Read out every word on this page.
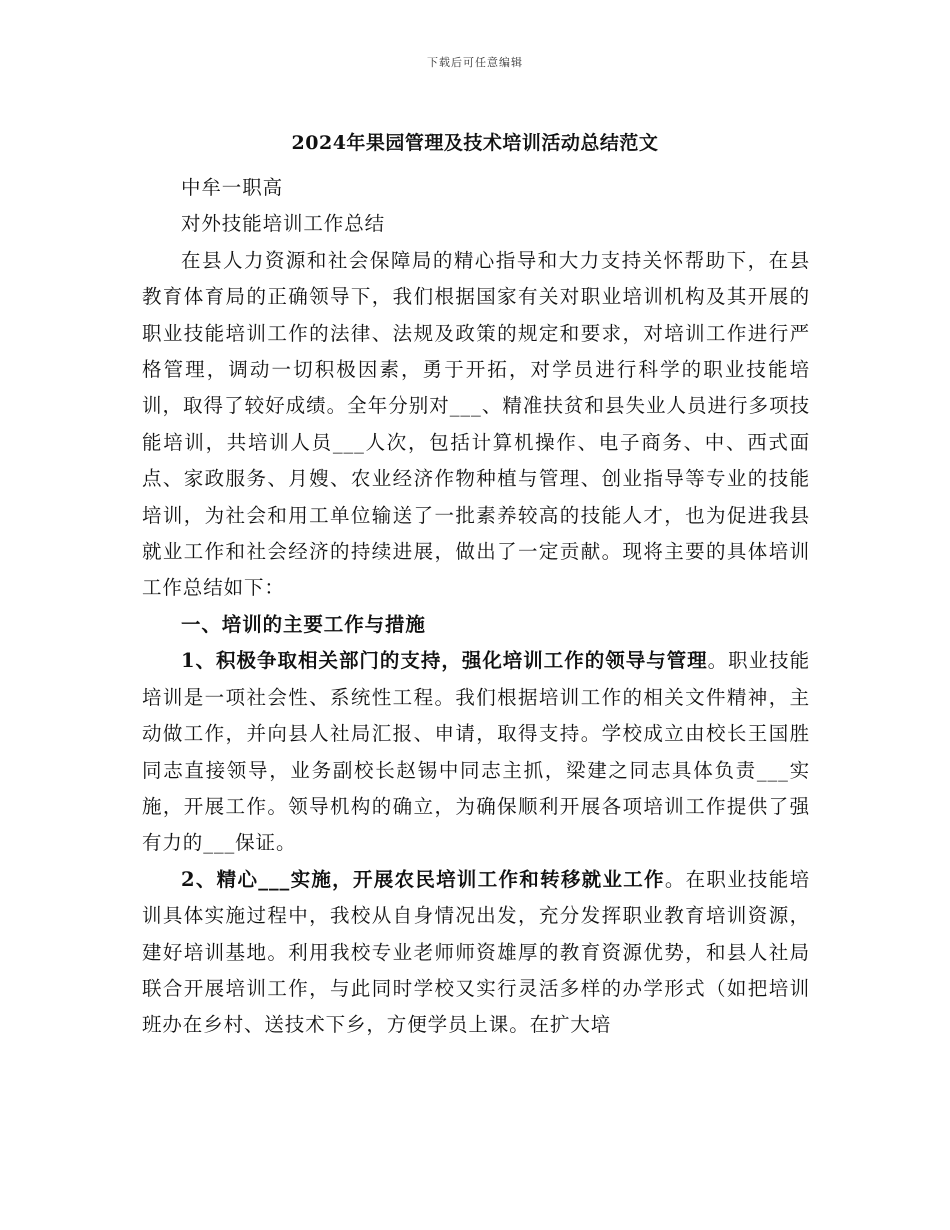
下载后可任意编辑
2024年果园管理及技术培训活动总结范文

中牟一职高

对外技能培训工作总结

在县人力资源和社会保障局的精心指导和大力支持关怀帮助下，在县教育体育局的正确领导下，我们根据国家有关对职业培训机构及其开展的职业技能培训工作的法律、法规及政策的规定和要求，对培训工作进行严格管理，调动一切积极因素，勇于开拓，对学员进行科学的职业技能培训，取得了较好成绩。全年分别对___、精准扶贫和县失业人员进行多项技能培训，共培训人员___人次，包括计算机操作、电子商务、中、西式面点、家政服务、月嫂、农业经济作物种植与管理、创业指导等专业的技能培训，为社会和用工单位输送了一批素养较高的技能人才，也为促进我县就业工作和社会经济的持续进展，做出了一定贡献。现将主要的具体培训工作总结如下：

一、培训的主要工作与措施

1、积极争取相关部门的支持，强化培训工作的领导与管理。职业技能培训是一项社会性、系统性工程。我们根据培训工作的相关文件精神，主动做工作，并向县人社局汇报、申请，取得支持。学校成立由校长王国胜同志直接领导，业务副校长赵锡中同志主抓，梁建之同志具体负责___实施，开展工作。领导机构的确立，为确保顺利开展各项培训工作提供了强有力的___保证。

2、精心___实施，开展农民培训工作和转移就业工作。在职业技能培训具体实施过程中，我校从自身情况出发，充分发挥职业教育培训资源，建好培训基地。利用我校专业老师师资雄厚的教育资源优势，和县人社局联合开展培训工作，与此同时学校又实行灵活多样的办学形式（如把培训班办在乡村、送技术下乡，方便学员上课。在扩大培
